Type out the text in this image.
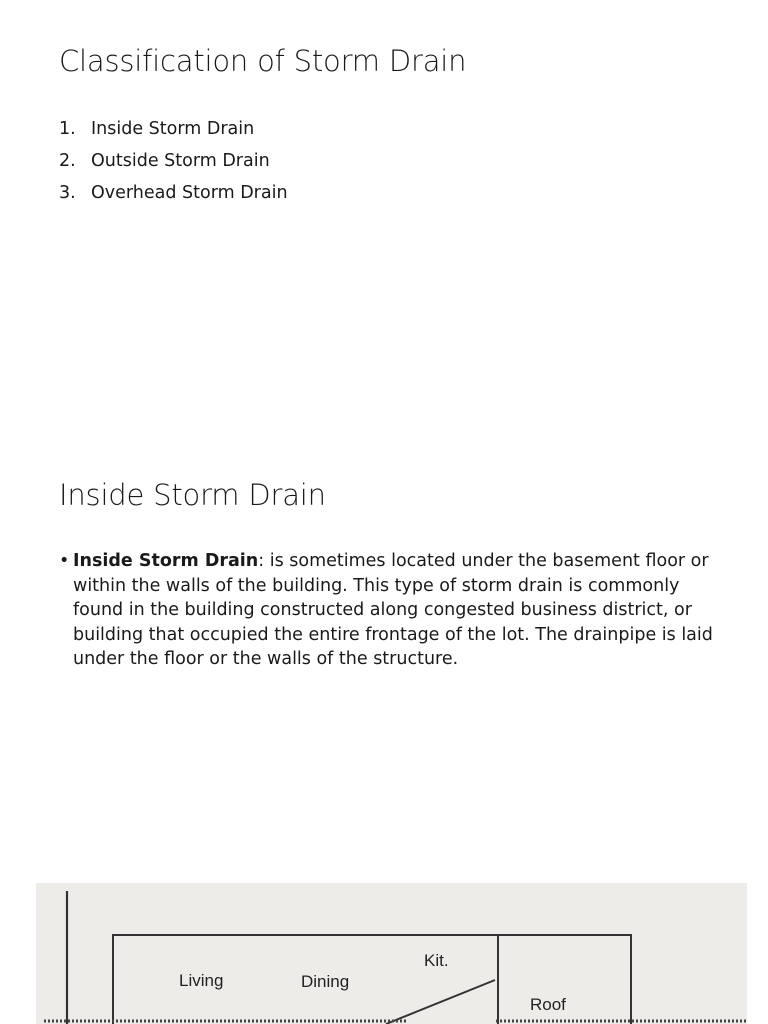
Classification of Storm Drain
1. Inside Storm Drain
2. Outside Storm Drain
3. Overhead Storm Drain
Inside Storm Drain
• Inside Storm Drain: is sometimes located under the basement floor or within the walls of the building. This type of storm drain is commonly found in the building constructed along congested business district, or building that occupied the entire frontage of the lot. The drainpipe is laid under the floor or the walls of the structure.
Living	Dining
Kit.
Roof
